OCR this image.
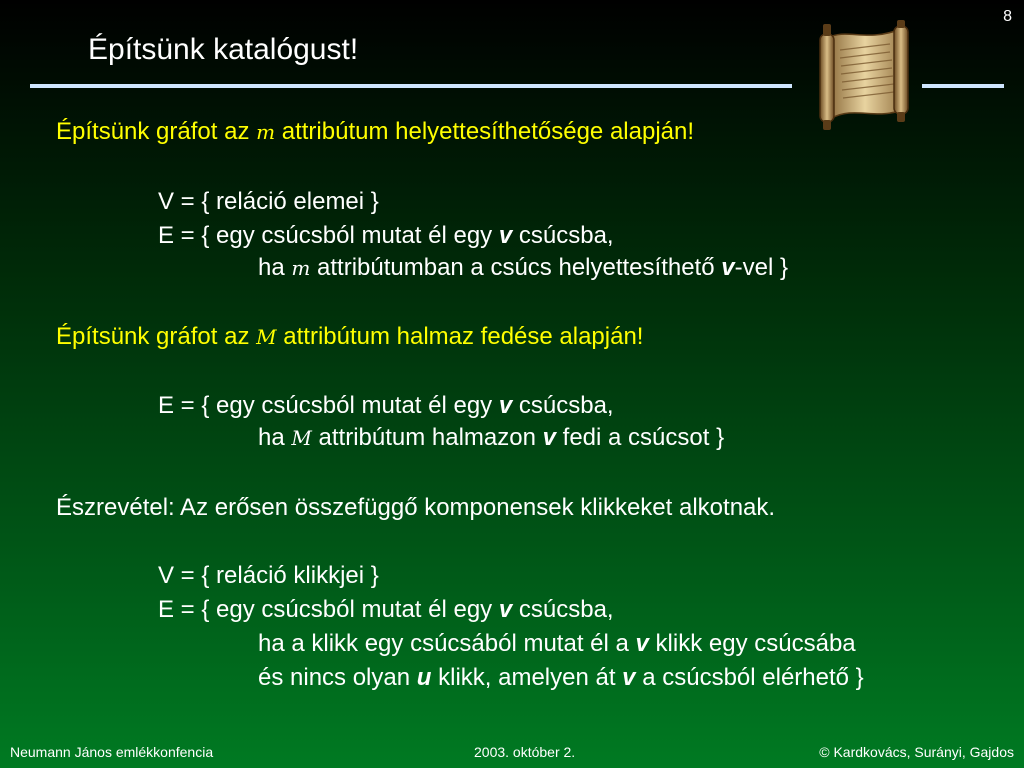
8
Építsünk katalógust!
Építsünk gráfot az m attribútum helyettesíthetősége alapján!
V = { reláció elemei }
E = { egy csúcsból mutat él egy v csúcsba,
ha m attribútumban a csúcs helyettesíthető v-vel }
Építsünk gráfot az M attribútum halmaz fedése alapján!
E = { egy csúcsból mutat él egy v csúcsba,
ha M attribútum halmazon v fedi a csúcsot }
Észrevétel: Az erősen összefüggő komponensek klikkeket alkotnak.
V = { reláció klikkjei }
E = { egy csúcsból mutat él egy v csúcsba,
ha a klikk egy csúcsából mutat él a v klikk egy csúcsába
és nincs olyan u klikk, amelyen át v a csúcsból elérhető }
Neumann János emlékkonfencia	2003. október 2.	© Kardkovács, Surányi, Gajdos
